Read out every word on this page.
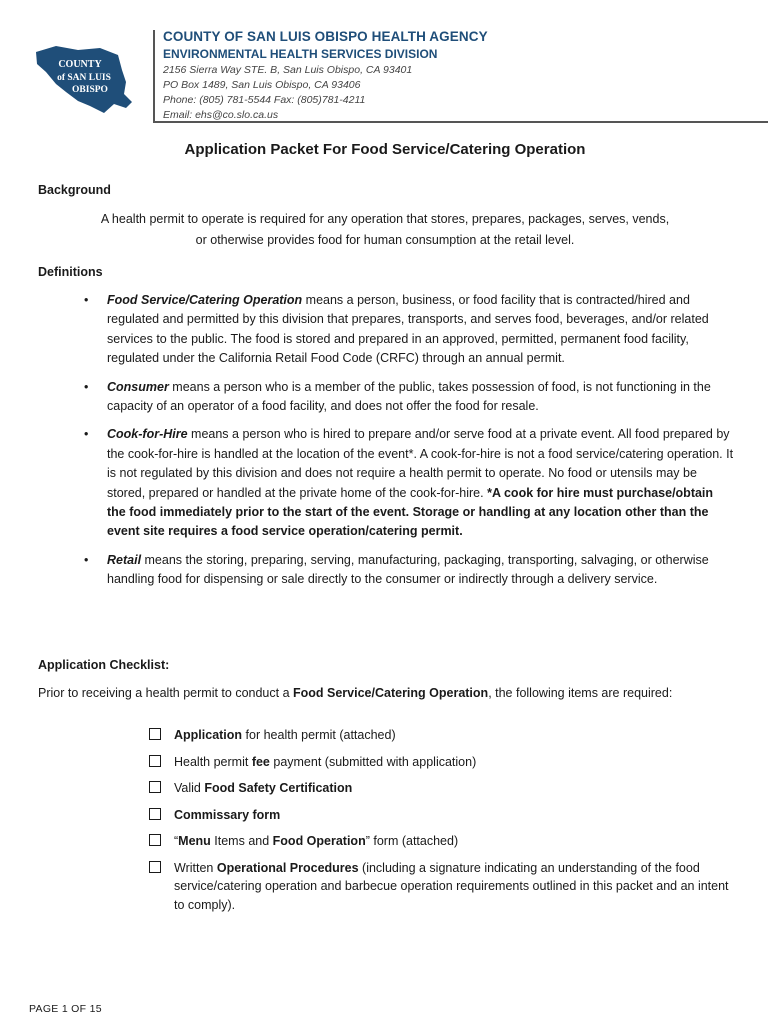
COUNTY
of SAN LUIS
OBISPO
COUNTY OF SAN LUIS OBISPO HEALTH AGENCY
ENVIRONMENTAL HEALTH SERVICES DIVISION
2156 Sierra Way STE. B, San Luis Obispo, CA 93401
PO Box 1489, San Luis Obispo, CA 93406
Phone: (805) 781-5544 Fax: (805)781-4211
Email: ehs@co.slo.ca.us
Application Packet For Food Service/Catering Operation
Background
A health permit to operate is required for any operation that stores, prepares, packages, serves, vends,
or otherwise provides food for human consumption at the retail level.
Definitions
• Food Service/Catering Operation means a person, business, or food facility that is contracted/hired and regulated and permitted by this division that prepares, transports, and serves food, beverages, and/or related services to the public. The food is stored and prepared in an approved, permitted, permanent food facility, regulated under the California Retail Food Code (CRFC) through an annual permit.
• Consumer means a person who is a member of the public, takes possession of food, is not functioning in the capacity of an operator of a food facility, and does not offer the food for resale.
• Cook-for-Hire means a person who is hired to prepare and/or serve food at a private event. All food prepared by the cook-for-hire is handled at the location of the event*. A cook-for-hire is not a food service/catering operation. It is not regulated by this division and does not require a health permit to operate. No food or utensils may be stored, prepared or handled at the private home of the cook-for-hire. *A cook for hire must purchase/obtain the food immediately prior to the start of the event. Storage or handling at any location other than the event site requires a food service operation/catering permit.
• Retail means the storing, preparing, serving, manufacturing, packaging, transporting, salvaging, or otherwise handling food for dispensing or sale directly to the consumer or indirectly through a delivery service.
Application Checklist:
Prior to receiving a health permit to conduct a Food Service/Catering Operation, the following items are required:
Application for health permit (attached)
Health permit fee payment (submitted with application)
Valid Food Safety Certification
Commissary form
“Menu Items and Food Operation” form (attached)
Written Operational Procedures (including a signature indicating an understanding of the food service/catering operation and barbecue operation requirements outlined in this packet and an intent to comply).
PAGE 1 OF 15
